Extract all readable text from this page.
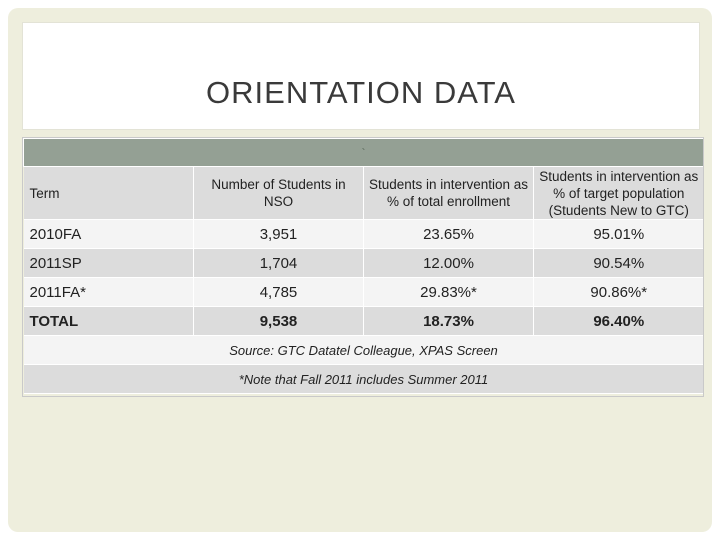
ORIENTATION DATA
`			
Term	Number of Students in NSO	Students in intervention as % of total enrollment	Students in intervention as % of target population (Students New to GTC)
2010FA	3,951	23.65%	95.01%
2011SP	1,704	12.00%	90.54%
2011FA*	4,785	29.83%*	90.86%*
TOTAL	9,538	18.73%	96.40%
Source: GTC Datatel Colleague, XPAS Screen			
*Note that Fall 2011 includes Summer 2011			
